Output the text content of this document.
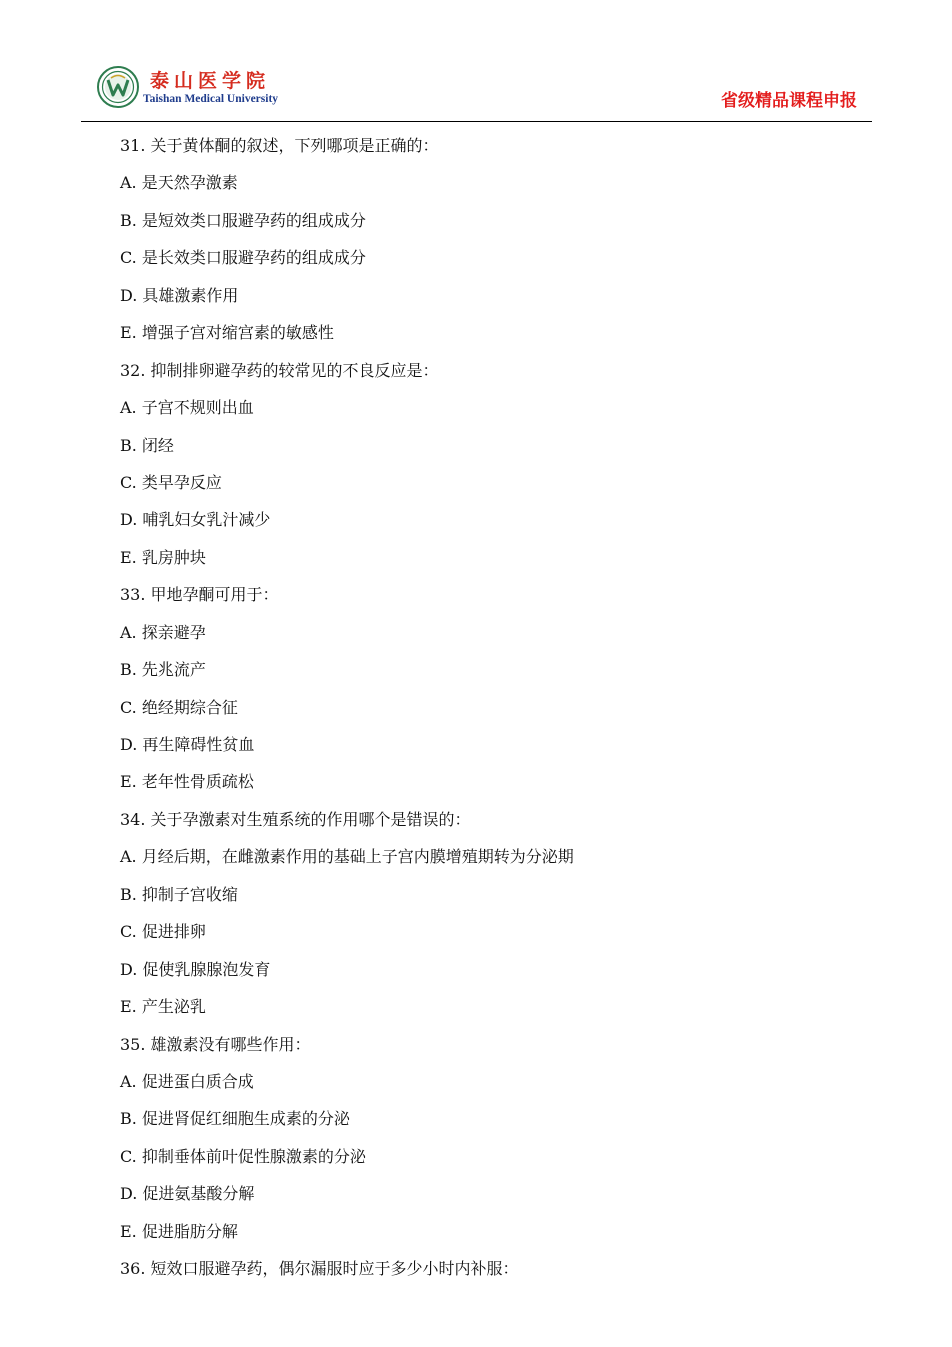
泰山医学院
Taishan Medical University	省级精品课程申报
31. 关于黄体酮的叙述，下列哪项是正确的：
A. 是天然孕激素
B. 是短效类口服避孕药的组成成分
C. 是长效类口服避孕药的组成成分
D. 具雄激素作用
E. 增强子宫对缩宫素的敏感性
32. 抑制排卵避孕药的较常见的不良反应是：
A. 子宫不规则出血
B. 闭经
C. 类早孕反应
D. 哺乳妇女乳汁减少
E. 乳房肿块
33. 甲地孕酮可用于：
A. 探亲避孕
B. 先兆流产
C. 绝经期综合征
D. 再生障碍性贫血
E. 老年性骨质疏松
34. 关于孕激素对生殖系统的作用哪个是错误的：
A. 月经后期，在雌激素作用的基础上子宫内膜增殖期转为分泌期
B. 抑制子宫收缩
C. 促进排卵
D. 促使乳腺腺泡发育
E. 产生泌乳
35. 雄激素没有哪些作用：
A. 促进蛋白质合成
B. 促进肾促红细胞生成素的分泌
C. 抑制垂体前叶促性腺激素的分泌
D. 促进氨基酸分解
E. 促进脂肪分解
36. 短效口服避孕药，偶尔漏服时应于多少小时内补服：
